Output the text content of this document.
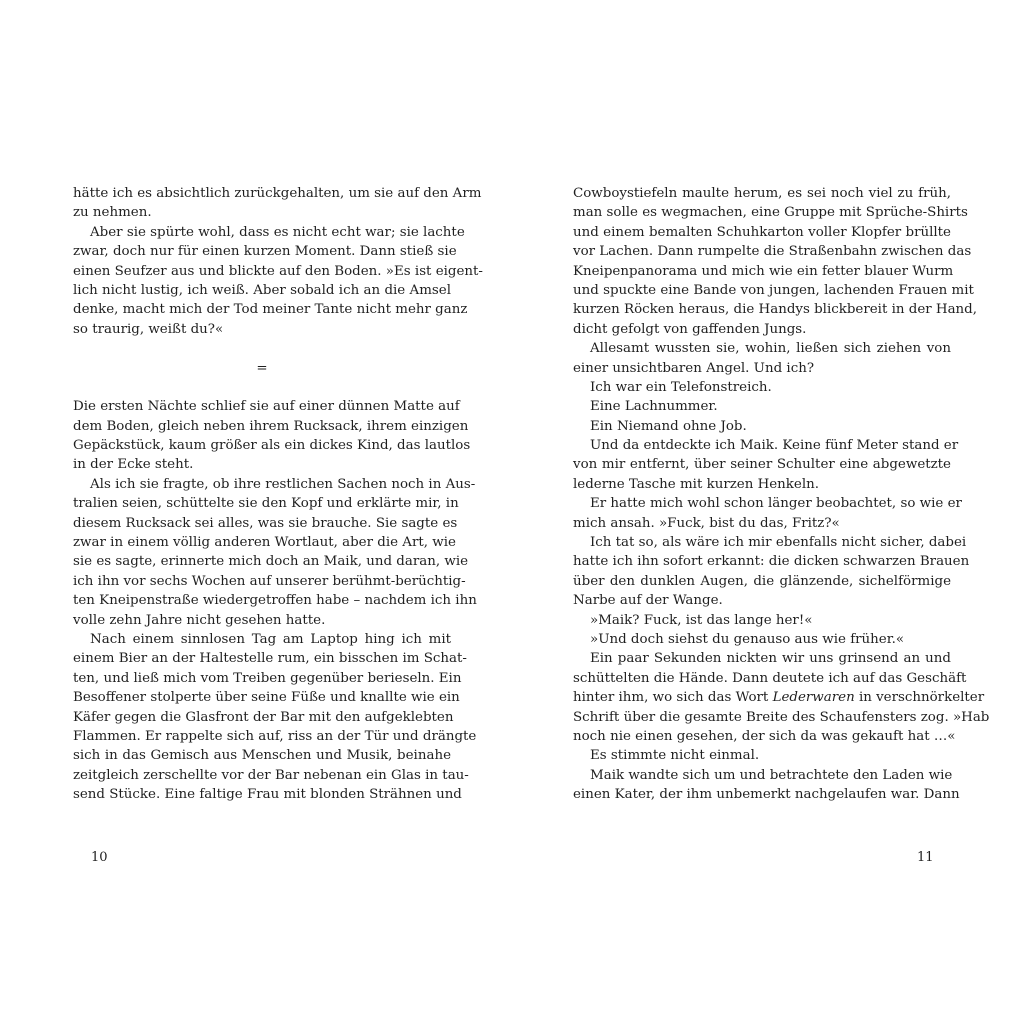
hätte ich es absichtlich zurückgehalten, um sie auf den Arm
zu nehmen.
Aber sie spürte wohl, dass es nicht echt war; sie lachte
zwar, doch nur für einen kurzen Moment. Dann stieß sie
einen Seufzer aus und blickte auf den Boden. »Es ist eigent-
lich nicht lustig, ich weiß. Aber sobald ich an die Amsel
denke, macht mich der Tod meiner Tante nicht mehr ganz
so traurig, weißt du?«
=
Die ersten Nächte schlief sie auf einer dünnen Matte auf
dem Boden, gleich neben ihrem Rucksack, ihrem einzigen
Gepäckstück, kaum größer als ein dickes Kind, das lautlos
in der Ecke steht.
Als ich sie fragte, ob ihre restlichen Sachen noch in Aus-
tralien seien, schüttelte sie den Kopf und erklärte mir, in
diesem Rucksack sei alles, was sie brauche. Sie sagte es
zwar in einem völlig anderen Wortlaut, aber die Art, wie
sie es sagte, erinnerte mich doch an Maik, und daran, wie
ich ihn vor sechs Wochen auf unserer berühmt-berüchtig-
ten Kneipenstraße wiedergetroffen habe – nachdem ich ihn
volle zehn Jahre nicht gesehen hatte.
Nach einem sinnlosen Tag am Laptop hing ich mit
einem Bier an der Haltestelle rum, ein bisschen im Schat-
ten, und ließ mich vom Treiben gegenüber berieseln. Ein
Besoffener stolperte über seine Füße und knallte wie ein
Käfer gegen die Glasfront der Bar mit den aufgeklebten
Flammen. Er rappelte sich auf, riss an der Tür und drängte
sich in das Gemisch aus Menschen und Musik, beinahe
zeitgleich zerschellte vor der Bar nebenan ein Glas in tau-
send Stücke. Eine faltige Frau mit blonden Strähnen und
Cowboystiefeln maulte herum, es sei noch viel zu früh,
man solle es wegmachen, eine Gruppe mit Sprüche-Shirts
und einem bemalten Schuhkarton voller Klopfer brüllte
vor Lachen. Dann rumpelte die Straßenbahn zwischen das
Kneipenpanorama und mich wie ein fetter blauer Wurm
und spuckte eine Bande von jungen, lachenden Frauen mit
kurzen Röcken heraus, die Handys blickbereit in der Hand,
dicht gefolgt von gaffenden Jungs.
Allesamt wussten sie, wohin, ließen sich ziehen von
einer unsichtbaren Angel. Und ich?
Ich war ein Telefonstreich.
Eine Lachnummer.
Ein Niemand ohne Job.
Und da entdeckte ich Maik. Keine fünf Meter stand er
von mir entfernt, über seiner Schulter eine abgewetzte
lederne Tasche mit kurzen Henkeln.
Er hatte mich wohl schon länger beobachtet, so wie er
mich ansah. »Fuck, bist du das, Fritz?«
Ich tat so, als wäre ich mir ebenfalls nicht sicher, dabei
hatte ich ihn sofort erkannt: die dicken schwarzen Brauen
über den dunklen Augen, die glänzende, sichelförmige
Narbe auf der Wange.
»Maik? Fuck, ist das lange her!«
»Und doch siehst du genauso aus wie früher.«
Ein paar Sekunden nickten wir uns grinsend an und
schüttelten die Hände. Dann deutete ich auf das Geschäft
hinter ihm, wo sich das Wort Lederwaren in verschnörkelter
Schrift über die gesamte Breite des Schaufensters zog. »Hab
noch nie einen gesehen, der sich da was gekauft hat …«
Es stimmte nicht einmal.
Maik wandte sich um und betrachtete den Laden wie
einen Kater, der ihm unbemerkt nachgelaufen war. Dann
10	11
